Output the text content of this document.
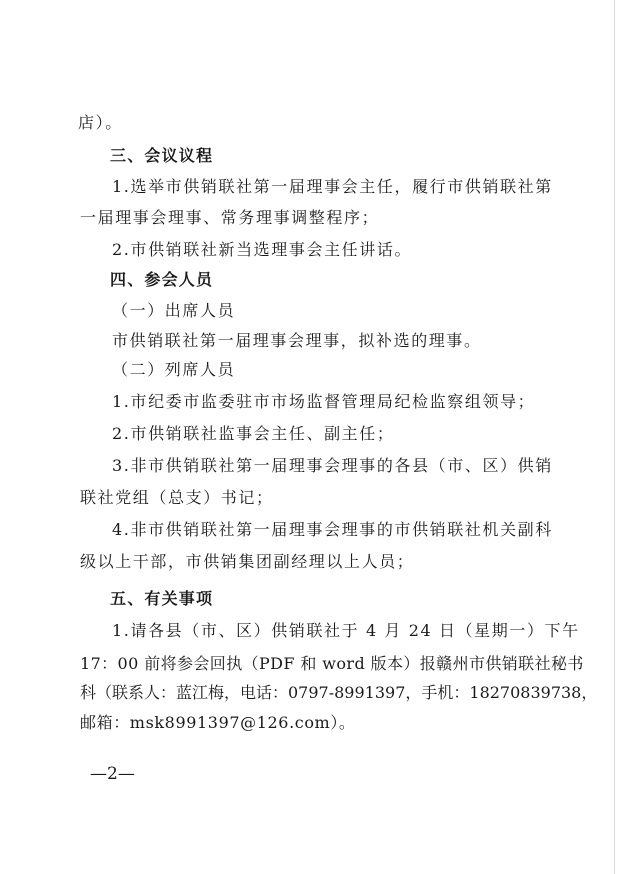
店）。
三、会议议程
1.选举市供销联社第一届理事会主任，履行市供销联社第
一届理事会理事、常务理事调整程序；
2.市供销联社新当选理事会主任讲话。
四、参会人员
（一）出席人员
市供销联社第一届理事会理事，拟补选的理事。
（二）列席人员
1.市纪委市监委驻市市场监督管理局纪检监察组领导；
2.市供销联社监事会主任、副主任；
3.非市供销联社第一届理事会理事的各县（市、区）供销
联社党组（总支）书记；
4.非市供销联社第一届理事会理事的市供销联社机关副科
级以上干部，市供销集团副经理以上人员；
五、有关事项
1.请各县（市、区）供销联社于 4 月 24 日（星期一）下午
17：00 前将参会回执（PDF 和 word 版本）报赣州市供销联社秘书
科（联系人：蓝江梅，电话：0797-8991397，手机：18270839738，
邮箱：msk8991397@126.com）。
—2—
